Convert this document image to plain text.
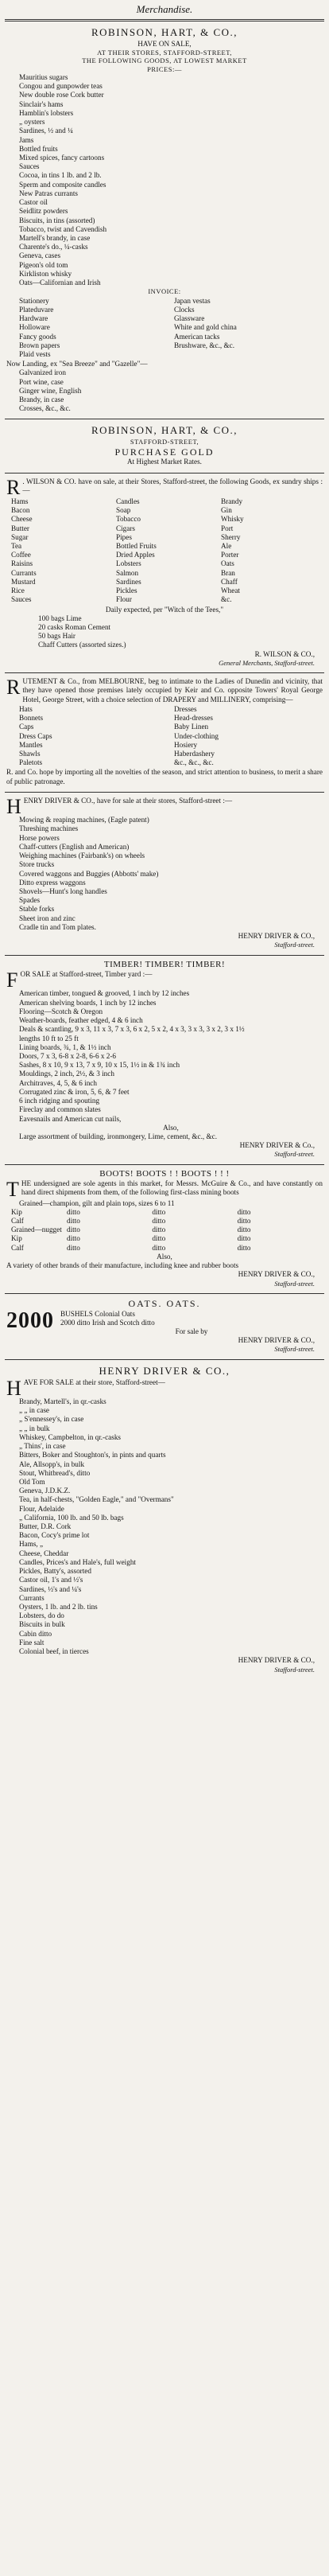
Merchandise.
ROBINSON, HART, & CO.,
HAVE ON SALE,
AT THEIR STORES, STAFFORD-STREET,
THE FOLLOWING GOODS, AT LOWEST MARKET
PRICES:—
Mauritius sugars
Congou and gunpowder teas
New double rose Cork butter
Sinclair's hams
Hamblin's lobsters
„ oysters
Sardines, ½ and ¼
Jams
Bottled fruits
Mixed spices, fancy cartoons
Sauces
Cocoa, in tins 1 lb. and 2 lb.
Sperm and composite candles
New Patras currants
Castor oil
Seidlitz powders
Biscuits, in tins (assorted)
Tobacco, twist and Cavendish
Martell's brandy, in case
Charente's do., ¼-casks
Geneva, cases
Pigeon's old tom
Kirkliston whisky
Oats—Californian and Irish
INVOICE:
Stationery	Japan vestas
Plateduvare	Clocks
Hardware	Glassware
Holloware	White and gold china
Fancy goods	American tacks
Brown papers	Brushware, &c., &c.
Plaid vests
Now Landing, ex "Sea Breeze" and "Gazelle"—
Galvanized iron
Port wine, case
Ginger wine, English
Brandy, in case
Crosses, &c., &c.
ROBINSON, HART, & CO.,
STAFFORD-STREET,
PURCHASE GOLD
At Highest Market Rates.
R . WILSON & CO. have on sale, at their Stores, Stafford-street, the following Goods, ex sundry ships :—
Hams	Candles	Brandy
Bacon	Soap	Gin
Cheese	Tobacco	Whisky
Butter	Cigars	Port
Sugar	Pipes	Sherry
Tea	Bottled Fruits	Ale
Coffee	Dried Apples	Porter
Raisins	Lobsters	Oats
Currants	Salmon	Bran
Mustard	Sardines	Chaff
Rice	Pickles	Wheat
Sauces	Flour	&c.
Daily expected, per "Witch of the Tees,"
100 bags Lime
20 casks Roman Cement
50 bags Hair
Chaff Cutters (assorted sizes.)
R. WILSON & CO.,
General Merchants, Stafford-street.
RUTEMENT & Co., from MELBOURNE, beg to intimate to the Ladies of Dunedin and vicinity, that they have opened those premises lately occupied by Keir and Co. opposite Towers' Royal George Hotel, George Street, with a choice selection of DRAPERY and MILLINERY, comprising—
Hats	Dresses
Bonnets	Head-dresses
Caps	Baby Linen
Dress Caps	Under-clothing
Mantles	Hosiery
Shawls	Haberdashery
Paletots	&c., &c., &c.
R. and Co. hope by importing all the novelties of the season, and strict attention to business, to merit a share of public patronage.
HENRY DRIVER & CO., have for sale at their stores, Stafford-street :—
Mowing & reaping machines, (Eagle patent)
Threshing machines
Horse powers
Chaff-cutters (English and American)
Weighing machines (Fairbank's) on wheels
Store trucks
Covered waggons and Buggies (Abbotts' make)
Ditto express waggons
Shovels—Hunt's long handles
Spades
Stable forks
Sheet iron and zinc
Cradle tin and Tom plates.
HENRY DRIVER & CO.,
Stafford-street.
TIMBER! TIMBER! TIMBER!
FOR SALE at Stafford-street, Timber yard :—
American timber, tongued & grooved, 1 inch by 12 inches
American shelving boards, 1 inch by 12 inches
Flooring—Scotch & Oregon
Weather-boards, feather edged, 4 & 6 inch
Deals & scantling, 9 x 3, 11 x 3, 7 x 3, 6 x 2, 5 x 2, 4 x 3, 3 x 3, 3 x 2, 3 x 1½
lengths 10 ft to 25 ft
Lining boards, ¾, 1, & 1½ inch
Doors, 7 x 3, 6-8 x 2-8, 6-6 x 2-6
Sashes, 8 x 10, 9 x 13, 7 x 9, 10 x 15, 1½ in & 1¾ inch
Mouldings, 2 inch, 2½, & 3 inch
Architraves, 4, 5, & 6 inch
Corrugated zinc & iron, 5, 6, & 7 feet
6 inch ridging and spouting
Fireclay and common slates
Eavesnails and American cut nails,
Also,
Large assortment of building, ironmongery, Lime, cement, &c., &c.
HENRY DRIVER & Co.,
Stafford-street.
BOOTS! BOOTS ! ! BOOTS ! ! !
THE undersigned are sole agents in this market, for Messrs. McGuire & Co., and have constantly on hand direct shipments from them, of the following first-class mining boots
Grained—champion, gilt and plain tops, sizes 6 to 11
Kip	ditto	ditto	ditto
Calf	ditto	ditto	ditto
Grained—nugget ditto	ditto	ditto
Kip	ditto	ditto	ditto
Calf	ditto	ditto	ditto
Also,
A variety of other brands of their manufacture, including knee and rubber boots
HENRY DRIVER & CO.,
Stafford-street.
OATS. OATS.
2000 BUSHELS Colonial Oats
2000 ditto Irish and Scotch ditto
For sale by
HENRY DRIVER & CO.,
Stafford-street.
HENRY DRIVER & CO.,
HAVE FOR SALE at their store, Stafford-street—
Brandy, Martell's, in qr.-casks
„ „ in case
„ S'ennessey's, in case
„ „ in bulk
Whiskey, Campbelton, in qr.-casks
„ Thins', in case
Bitters, Boker and Stoughton's, in pints and quarts
Ale, Allsopp's, in bulk
Stout, Whitbread's, ditto
Old Tom
Geneva, J.D.K.Z.
Tea, in half-chests, "Golden Eagle," and "Overmans"
Flour, Adelaide
„ California, 100 lb. and 50 lb. bags
Butter, D.R. Cork
Bacon, Cocy's prime lot
Hams, „
Cheese, Cheddar
Candles, Prices's and Hale's, full weight
Pickles, Batty's, assorted
Castor oil, 1's and ½'s
Sardines, ½'s and ¼'s
Currants
Oysters, 1 lb. and 2 lb. tins
Lobsters, do do
Biscuits in bulk
Cabin ditto
Fine salt
Colonial beef, in tierces
HENRY DRIVER & CO.,
Stafford-street.
